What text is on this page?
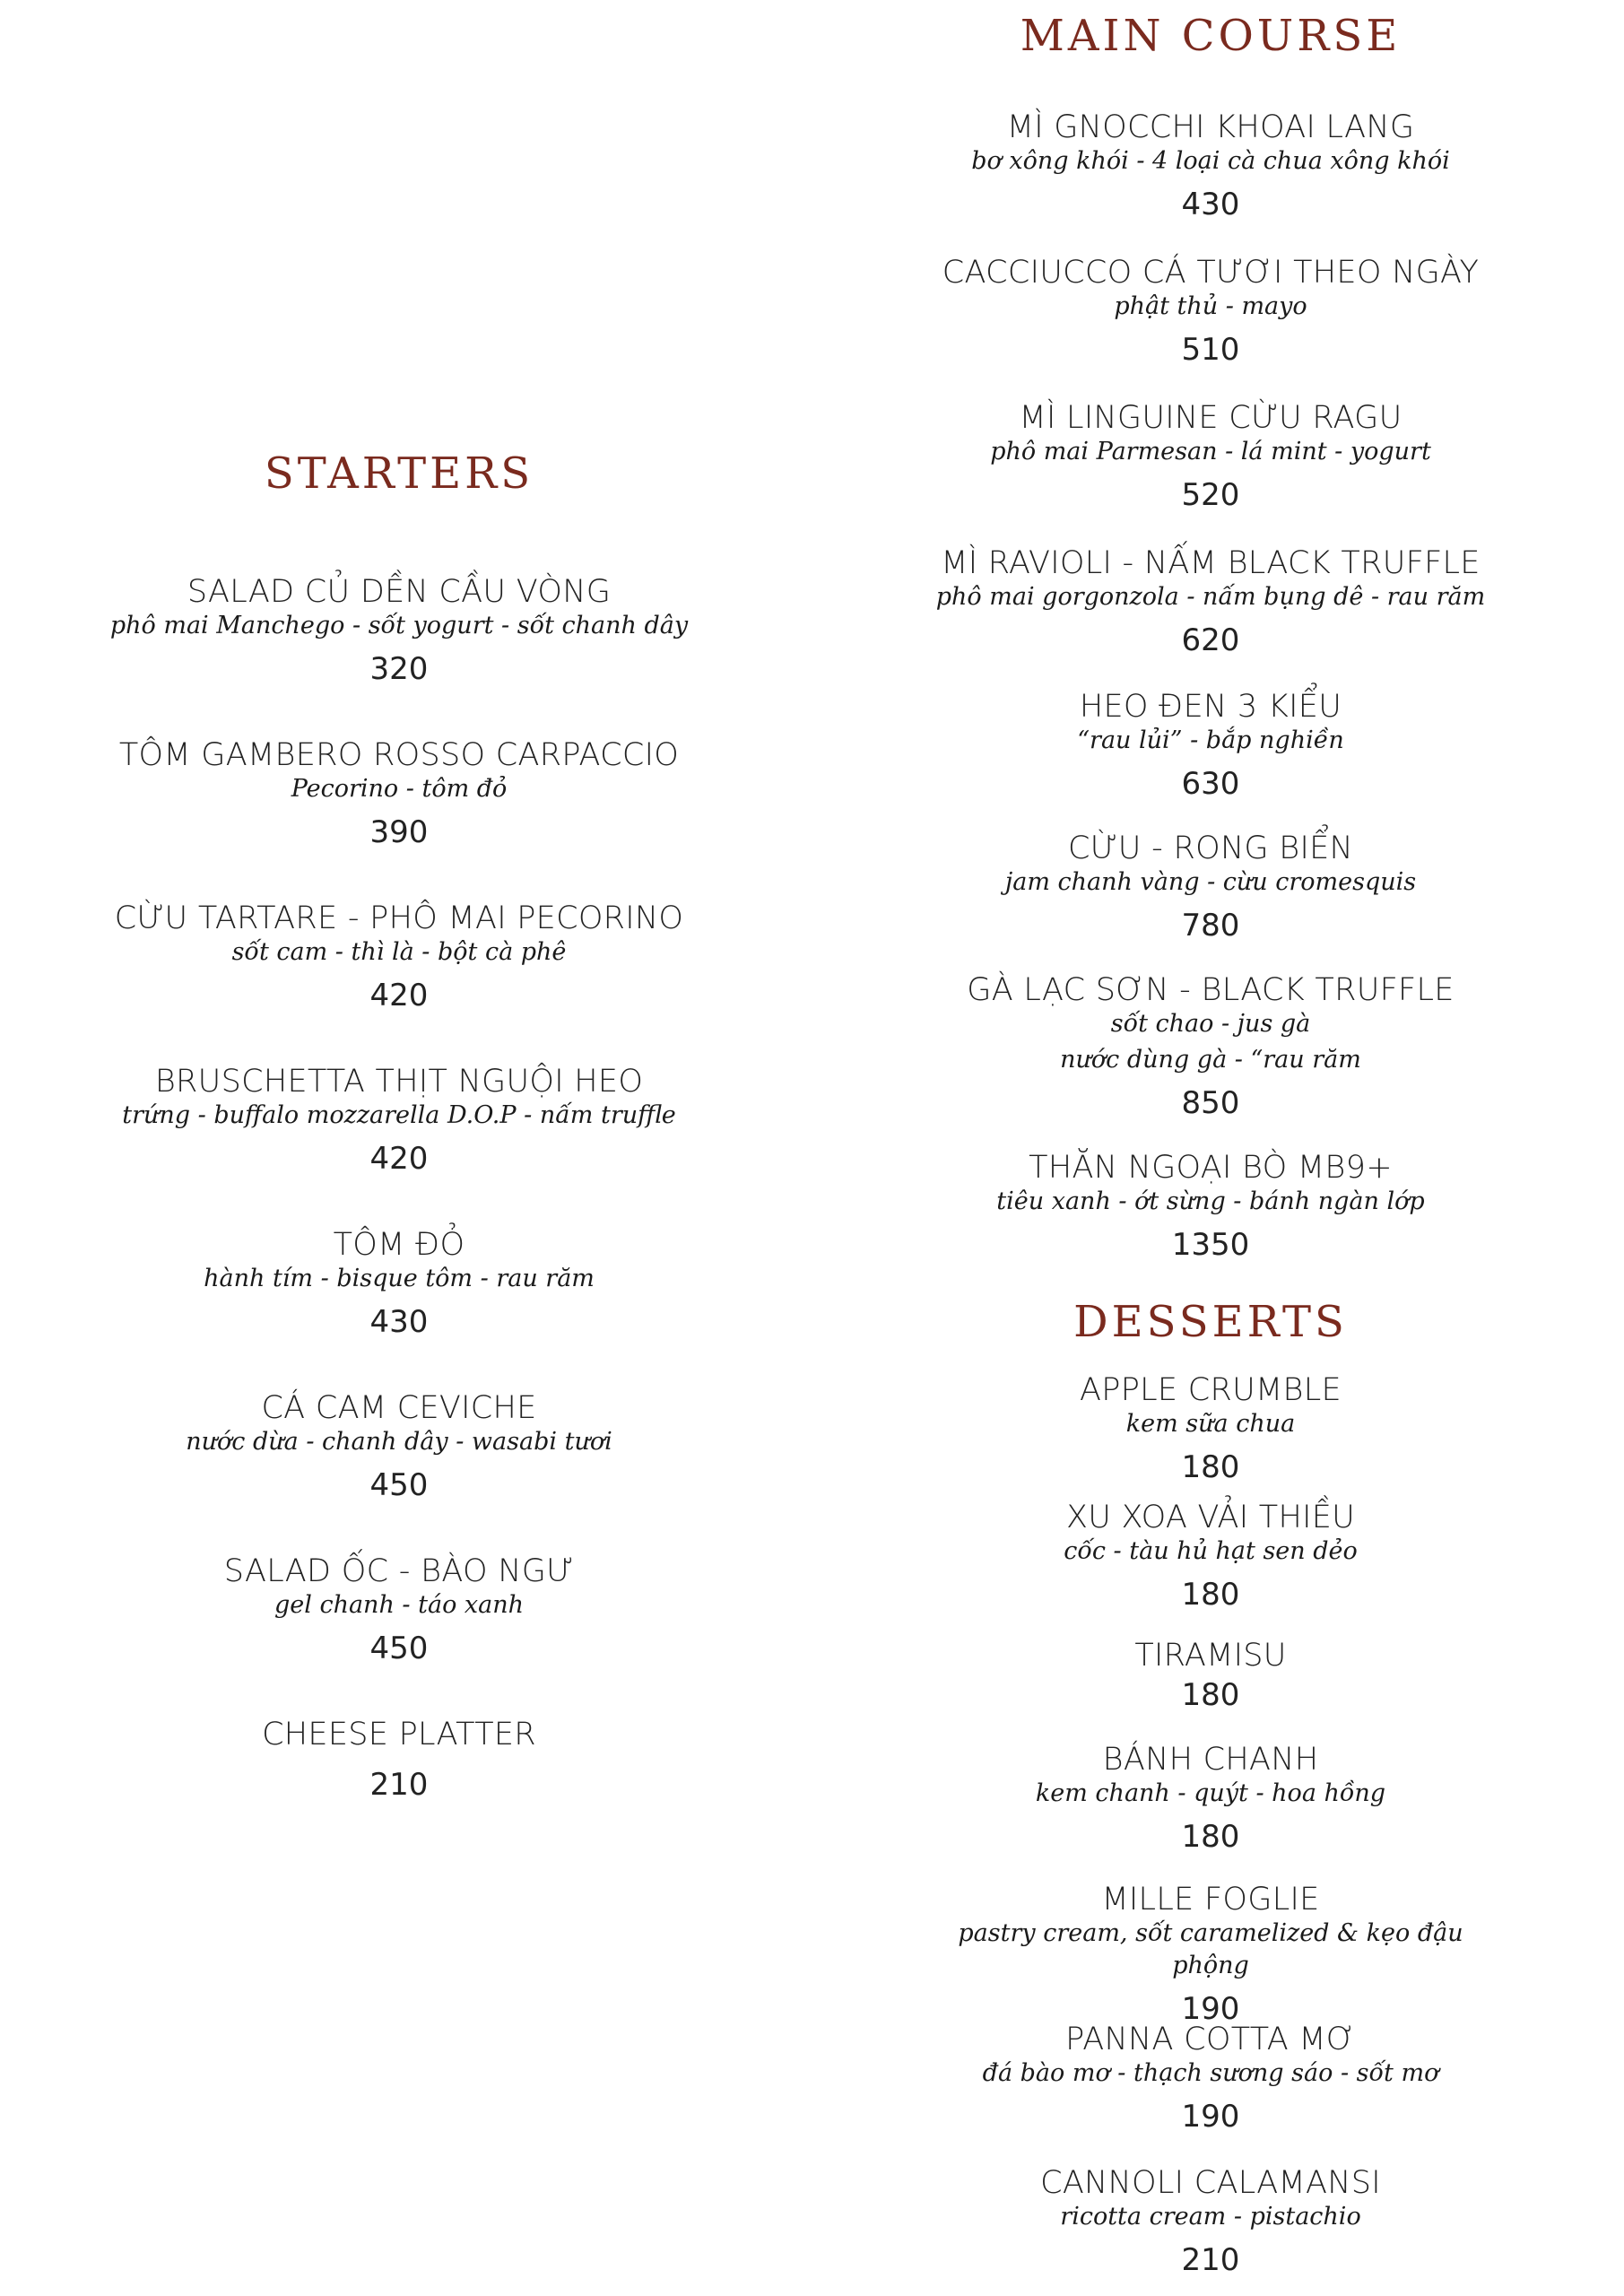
STARTERS
SALAD CỦ DỀN CẦU VÒNG
phô mai Manchego - sốt yogurt - sốt chanh dây
320
TÔM GAMBERO ROSSO CARPACCIO
Pecorino - tôm đỏ
390
CỪU TARTARE - PHÔ MAI PECORINO
sốt cam - thì là - bột cà phê
420
BRUSCHETTA THỊT NGUỘI HEO
trứng - buffalo mozzarella D.O.P - nấm truffle
420
TÔM ĐỎ
hành tím - bisque tôm - rau răm
430
CÁ CAM CEVICHE
nước dừa - chanh dây - wasabi tươi
450
SALAD ỐC - BÀO NGƯ
gel chanh - táo xanh
450
CHEESE PLATTER
210
MAIN COURSE
MÌ GNOCCHI KHOAI LANG
bơ xông khói - 4 loại cà chua xông khói
430
CACCIUCCO CÁ TƯƠI THEO NGÀY
phật thủ - mayo
510
MÌ LINGUINE CỪU RAGU
phô mai Parmesan - lá mint - yogurt
520
MÌ RAVIOLI - NẤM BLACK TRUFFLE
phô mai gorgonzola - nấm bụng dê - rau răm
620
HEO ĐEN 3 KIỂU
“rau lủi” - bắp nghiền
630
CỪU - RONG BIỂN
jam chanh vàng - cừu cromesquis
780
GÀ LẠC SƠN - BLACK TRUFFLE
sốt chao - jus gà
nước dùng gà - “rau răm
850
THĂN NGOẠI BÒ MB9+
tiêu xanh - ớt sừng - bánh ngàn lớp
1350
DESSERTS
APPLE CRUMBLE
kem sữa chua
180
XU XOA VẢI THIỀU
cốc - tàu hủ hạt sen dẻo
180
TIRAMISU
180
BÁNH CHANH
kem chanh - quýt - hoa hồng
180
MILLE FOGLIE
pastry cream, sốt caramelized & kẹo đậu phộng
190
PANNA COTTA MƠ
đá bào mơ - thạch sương sáo - sốt mơ
190
CANNOLI CALAMANSI
ricotta cream - pistachio
210
